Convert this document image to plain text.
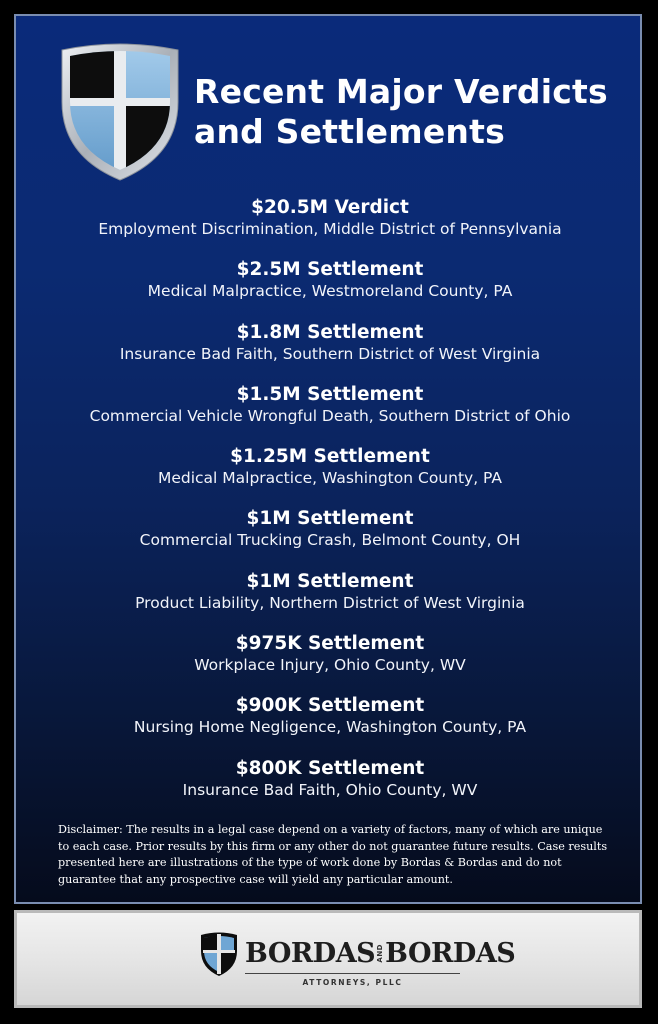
Recent Major Verdicts
and Settlements
$20.5M Verdict
Employment Discrimination, Middle District of Pennsylvania
$2.5M Settlement
Medical Malpractice, Westmoreland County, PA
$1.8M Settlement
Insurance Bad Faith, Southern District of West Virginia
$1.5M Settlement
Commercial Vehicle Wrongful Death, Southern District of Ohio
$1.25M Settlement
Medical Malpractice, Washington County, PA
$1M Settlement
Commercial Trucking Crash, Belmont County, OH
$1M Settlement
Product Liability, Northern District of West Virginia
$975K Settlement
Workplace Injury, Ohio County, WV
$900K Settlement
Nursing Home Negligence, Washington County, PA
$800K Settlement
Insurance Bad Faith, Ohio County, WV

Disclaimer: The results in a legal case depend on a variety of factors, many of which are unique to each case. Prior results by this firm or any other do not guarantee future results. Case results presented here are illustrations of the type of work done by Bordas & Bordas and do not guarantee that any prospective case will yield any particular amount.

BORDASANDBORDAS
ATTORNEYS, PLLC
